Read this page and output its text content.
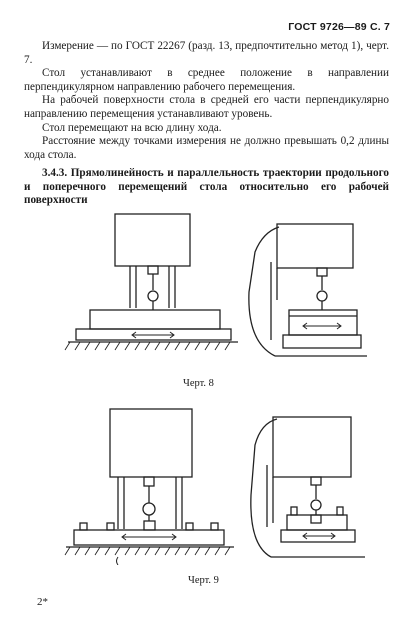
ГОСТ 9726—89 С. 7

Измерение — по ГОСТ 22267 (разд. 13, предпочтительно метод 1), черт. 7.

Стол устанавливают в среднее положение в направлении перпендикулярном направлению рабочего перемещения.

На рабочей поверхности стола в средней его части перпендикулярно направлению перемещения устанавливают уровень.

Стол перемещают на всю длину хода.

Расстояние между точками измерения не должно превышать 0,2 длины хода стола.

3.4.3. Прямолинейность и параллельность траектории продольного и поперечного перемещений стола относительно его рабочей поверхности
Черт. 8
Черт. 9
2*
